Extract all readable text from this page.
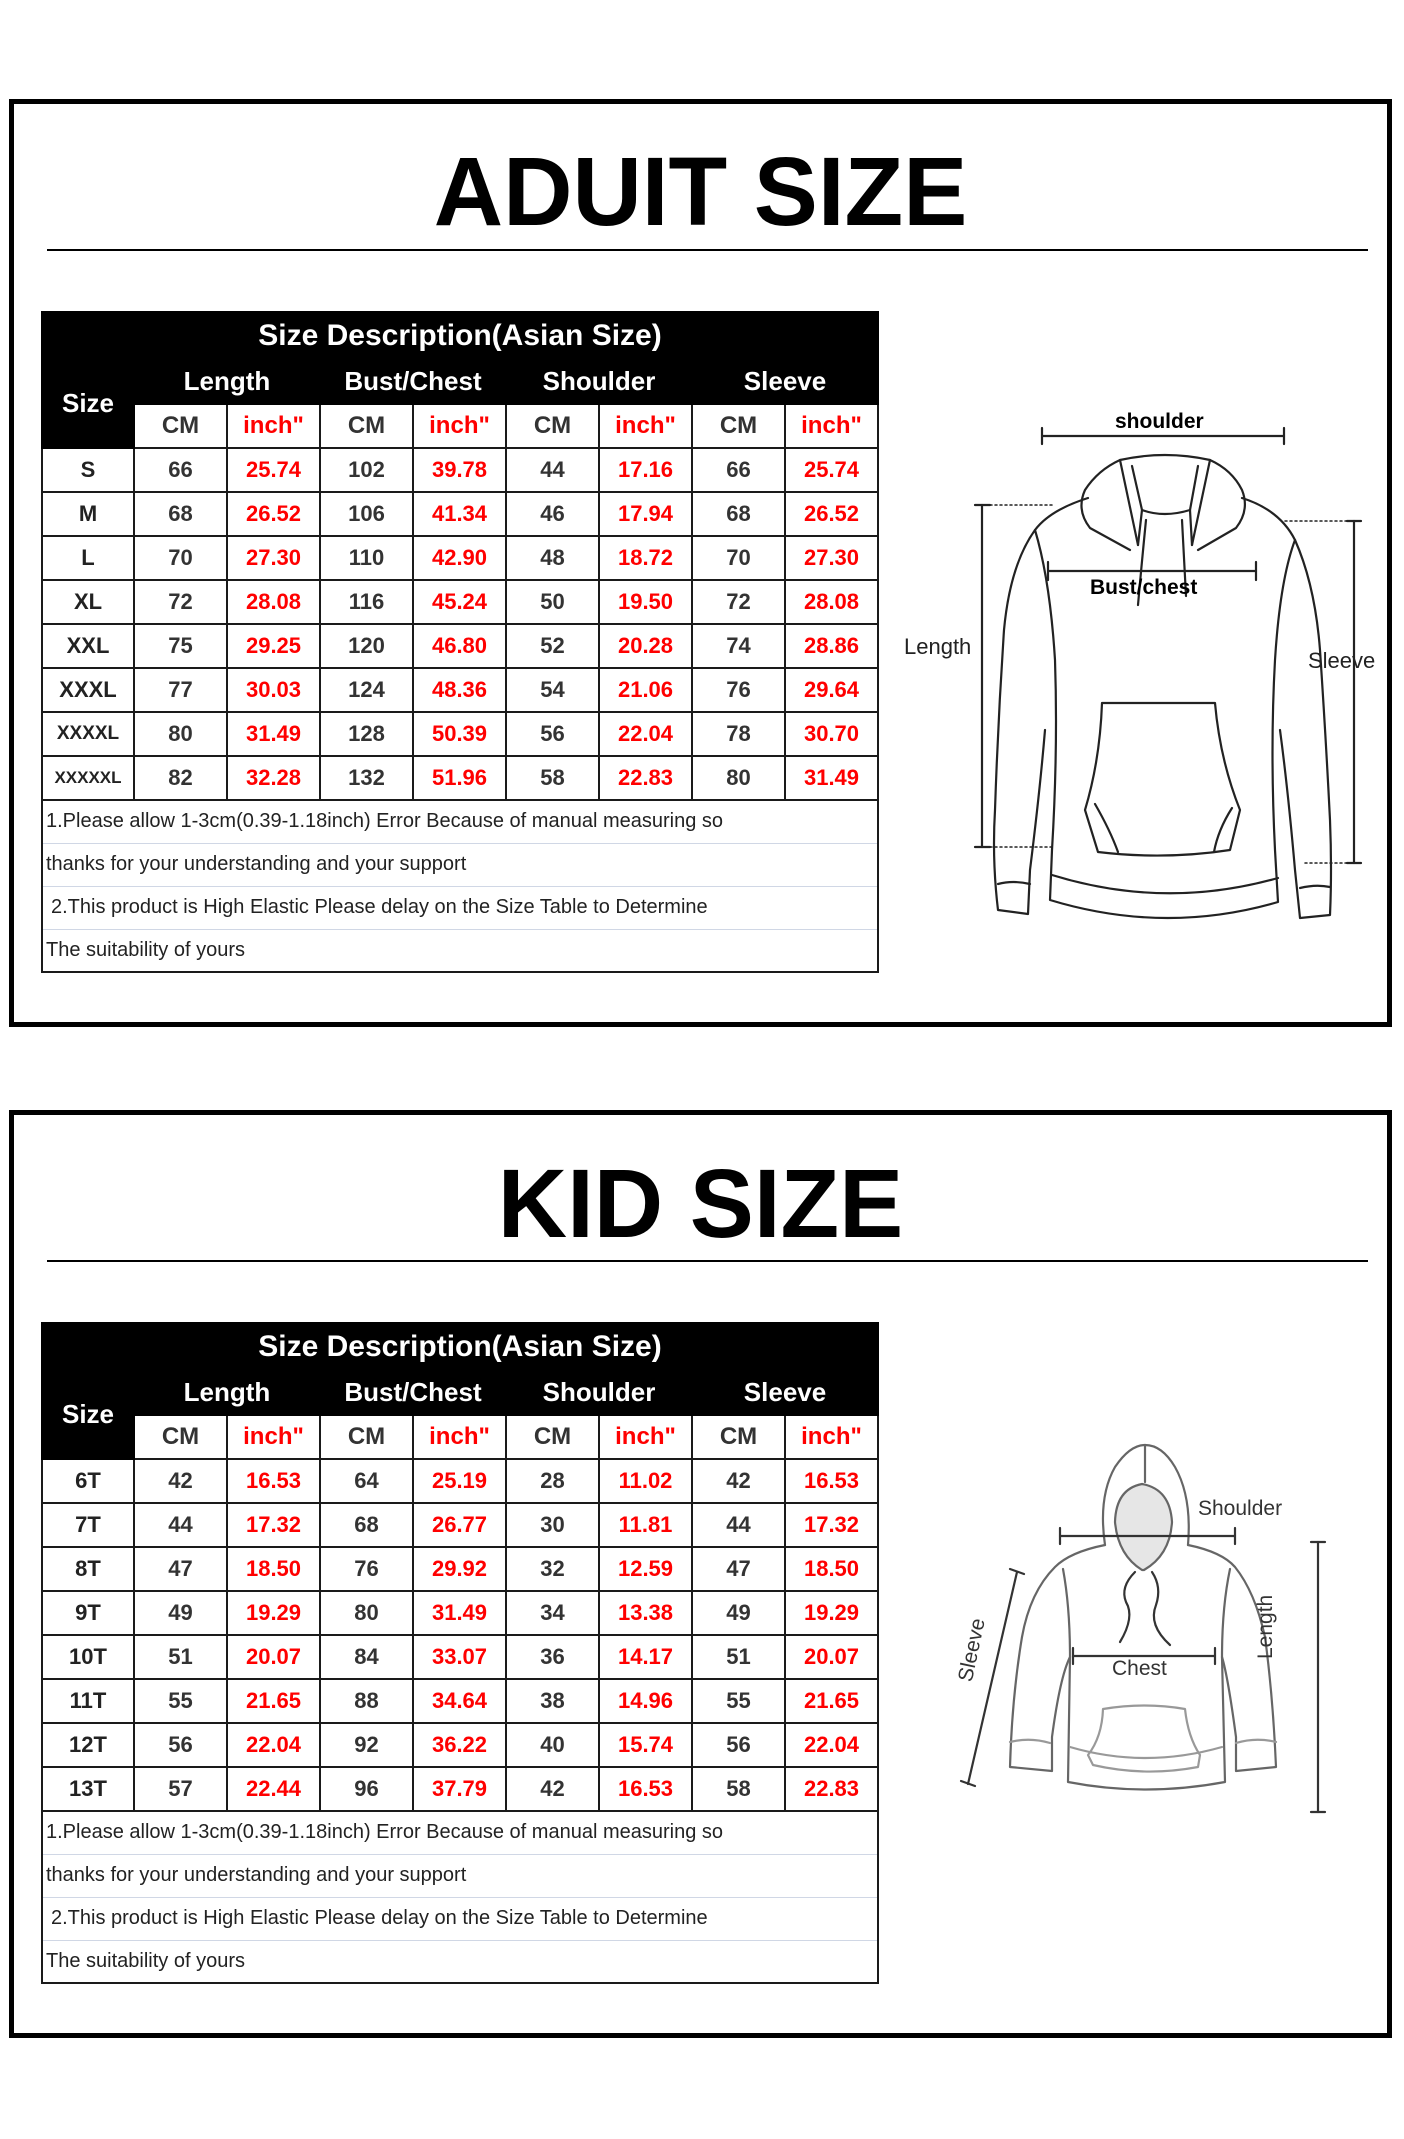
ADUIT SIZE
Size Description(Asian Size)								
Size	Length		Bust/Chest		Shoulder		Sleeve	
	CM	inch"	CM	inch"	CM	inch"	CM	inch"
S	66	25.74	102	39.78	44	17.16	66	25.74
M	68	26.52	106	41.34	46	17.94	68	26.52
L	70	27.30	110	42.90	48	18.72	70	27.30
XL	72	28.08	116	45.24	50	19.50	72	28.08
XXL	75	29.25	120	46.80	52	20.28	74	28.86
XXXL	77	30.03	124	48.36	54	21.06	76	29.64
XXXXL	80	31.49	128	50.39	56	22.04	78	30.70
XXXXXL	82	32.28	132	51.96	58	22.83	80	31.49
1.Please allow 1-3cm(0.39-1.18inch) Error Because of manual measuring so								
thanks for your understanding and your support								
2.This product is High Elastic Please delay on the Size Table to Determine								
The suitability of yours								
shoulder
Bust/chest
Length
Sleeve
KID SIZE
Size Description(Asian Size)								
Size	Length		Bust/Chest		Shoulder		Sleeve	
	CM	inch"	CM	inch"	CM	inch"	CM	inch"
6T	42	16.53	64	25.19	28	11.02	42	16.53
7T	44	17.32	68	26.77	30	11.81	44	17.32
8T	47	18.50	76	29.92	32	12.59	47	18.50
9T	49	19.29	80	31.49	34	13.38	49	19.29
10T	51	20.07	84	33.07	36	14.17	51	20.07
11T	55	21.65	88	34.64	38	14.96	55	21.65
12T	56	22.04	92	36.22	40	15.74	56	22.04
13T	57	22.44	96	37.79	42	16.53	58	22.83
1.Please allow 1-3cm(0.39-1.18inch) Error Because of manual measuring so								
thanks for your understanding and your support								
2.This product is High Elastic Please delay on the Size Table to Determine								
The suitability of yours								
Shoulder
Chest
Length
Sleeve
